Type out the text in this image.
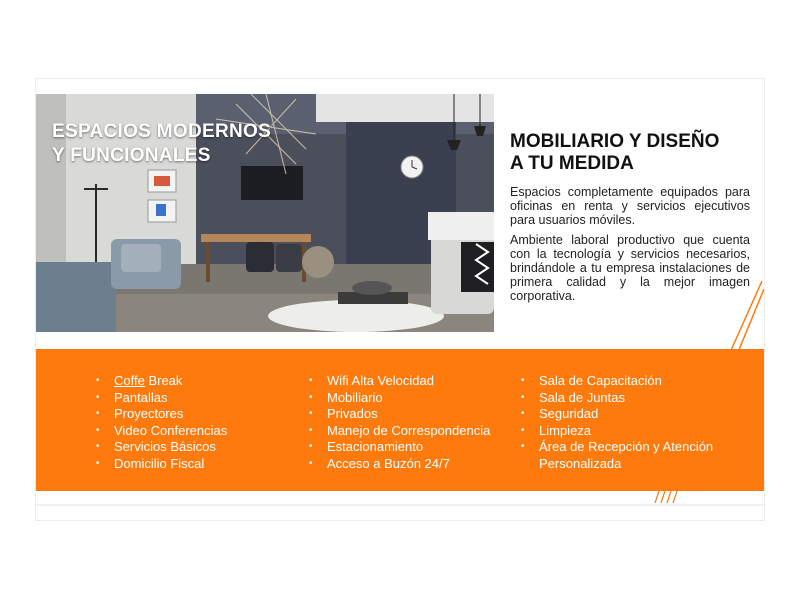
ESPACIOS MODERNOS
Y FUNCIONALES
MOBILIARIO Y DISEÑO
A TU MEDIDA

Espacios completamente equipados para oficinas en renta y servicios ejecutivos para usuarios móviles.

Ambiente laboral productivo que cuenta con la tecnología y servicios necesarios, brindándole a tu empresa instalaciones de primera calidad y la mejor imagen corporativa.

• Coffe Break
• Pantallas
• Proyectores
• Video Conferencias
• Servicios Básicos
• Domicilio Fiscal
• Wifi Alta Velocidad
• Mobiliario
• Privados
• Manejo de Correspondencia
• Estacionamiento
• Acceso a Buzón 24/7
• Sala de Capacitación
• Sala de Juntas
• Seguridad
• Limpieza
• Área de Recepción y Atención Personalizada
